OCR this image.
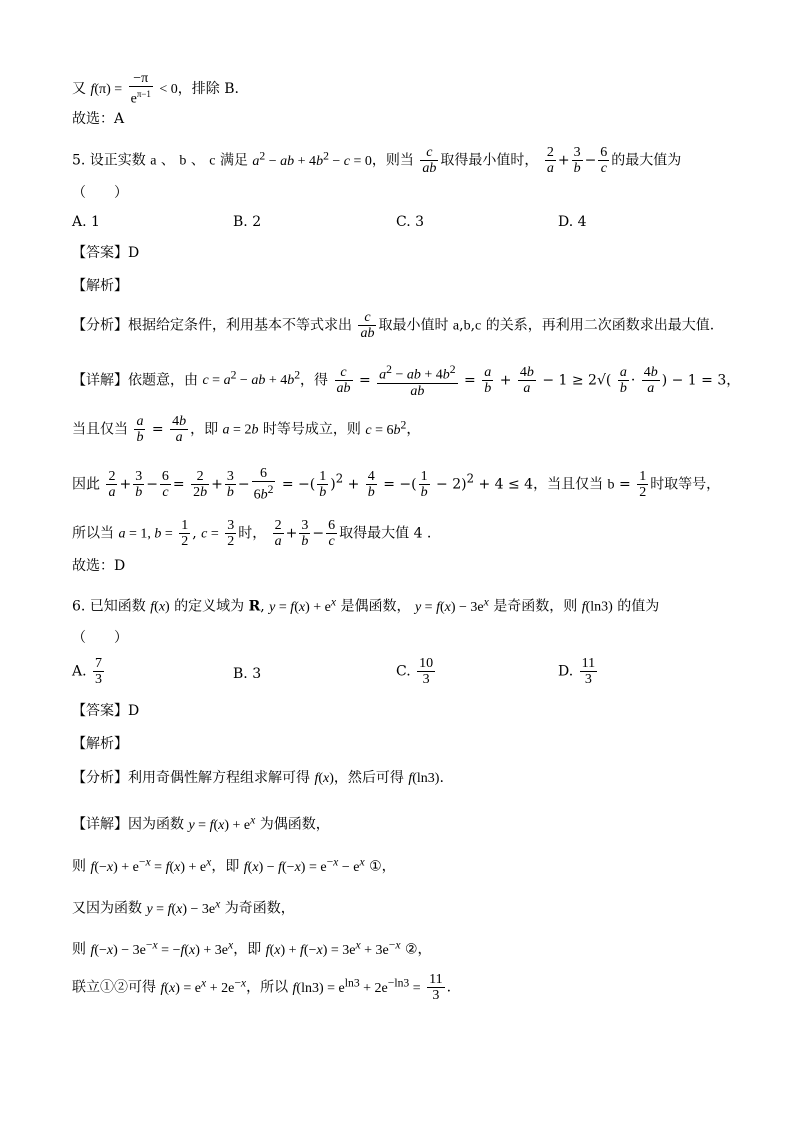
又 $f(\pi) = \frac{-\pi}{e^{\pi-1}} < 0$，排除 B.
故选：A
5. 设正实数 a 、 b 、 c 满足 $a^2$ − ab + $4b^2 - c = 0$，则当 $\frac{c}{ab}$ 取得最小值时， $\frac{2}{a} + \frac{3}{b} - \frac{6}{c}$ 的最大值为
（　　）
A. 1	B. 2	C. 3	D. 4
【答案】D
【解析】
【分析】根据给定条件，利用基本不等式求出 $\frac{c}{ab}$ 取最小值时 a,b,c 的关系，再利用二次函数求出最大值.
【详解】依题意，由 $c = a^2$ − ab + $4b^2$，得 $\frac{c}{ab} = \frac{a^2 - ab + 4b^2}{ab} = \frac{a}{b} + \frac{4b}{a} - 1 \ge 2√( \frac{a}{b} \cdot \frac{4b}{a}$ ) − 1 = 3，
当且仅当 $\frac{a}{b} = \frac{4b}{a}$ ，即 a = 2b 时等号成立，则 $c = 6b^2$，
因此 $\frac{2}{a} + \frac{3}{b} - \frac{6}{c} = \frac{2}{2b} + \frac{3}{b} - \frac{6}{6b^2}$ = −( $\frac{1}{b} )^2 + \frac{4}{b}$ = −( $\frac{1}{b} - 2)^2 + 4 \le 4$，当且仅当 $b = \frac{1}{2}$ 时取等号，
所以当 a = 1, $b = \frac{1}{2}$ , $c = \frac{3}{2}$ 时， $\frac{2}{a} + \frac{3}{b} - \frac{6}{c}$ 取得最大值 4 .
故选：D
6. 已知函数 f(x) 的定义域为 R, $y = f(x) + e^x$ 是偶函数， $y = f(x) - 3e^x$ 是奇函数，则 f(ln3) 的值为
（　　）
A. $\frac{7}{3}$	B. 3	C. $\frac{10}{3}$	D. $\frac{11}{3}$
【答案】D
【解析】
【分析】利用奇偶性解方程组求解可得 f(x)，然后可得 f(ln3).
【详解】因为函数 $y = f(x) + e^x$ 为偶函数，
则 $f(-x) + e^{-x} = f(x) + e^x$，即 $f(x) - f(-x) = e^{-x} - e^x$ ①，
又因为函数 $y = f(x) - 3e^x$ 为奇函数，
则 $f(-x) - 3e^{-x} = -f(x) + 3e^x$，即 $f(x) + f(-x) = 3e^x + 3e^{-x}$ ②，
联立①②可得 $f(x) = e^x + 2e^{-x}$，所以 $f(\ln 3) = e^{ln3} + 2e^{-ln3} = \frac{11}{3}$ .
